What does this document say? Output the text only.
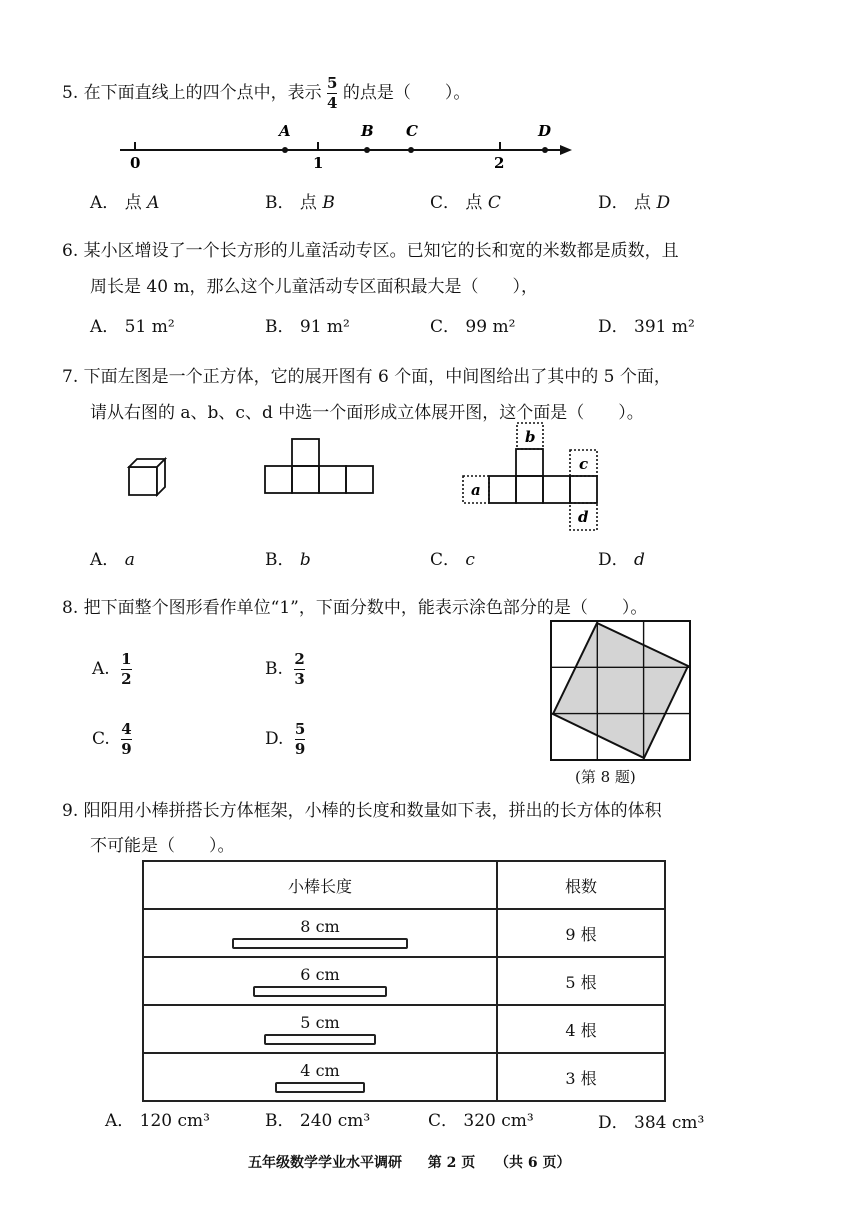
5. 在下面直线上的四个点中，表示 $\frac{5}{4}$ 的点是（　　）。
0	1	2
A	B C	D
A． 点 A	B． 点 B	C． 点 C	D． 点 D
6. 某小区增设了一个长方形的儿童活动专区。已知它的长和宽的米数都是质数，且
周长是 40 m，那么这个儿童活动专区面积最大是（　　），
A． 51 m²	B． 91 m²	C． 99 m²	D． 391 m²
7. 下面左图是一个正方体，它的展开图有 6 个面，中间图给出了其中的 5 个面，
请从右图的 a、b、c、d 中选一个面形成立体展开图，这个面是（　　）。
a
b
c
d
A． a	B． b	C． c	D． d
8. 把下面整个图形看作单位“1”，下面分数中，能表示涂色部分的是（　　）。
A. $\frac{1}{2}$	B. $\frac{2}{3}$
C. $\frac{4}{9}$	D. $\frac{5}{9}$
(第 8 题)
9. 阳阳用小棒拼搭长方体框架，小棒的长度和数量如下表，拼出的长方体的体积
不可能是（　　）。
小棒长度	根数
8 cm	9 根
6 cm	5 根
5 cm	4 根
4 cm	3 根
A． 120 cm³	B． 240 cm³	C． 320 cm³	D． 384 cm³
五年级数学学业水平调研 第 2 页 （共 6 页）
